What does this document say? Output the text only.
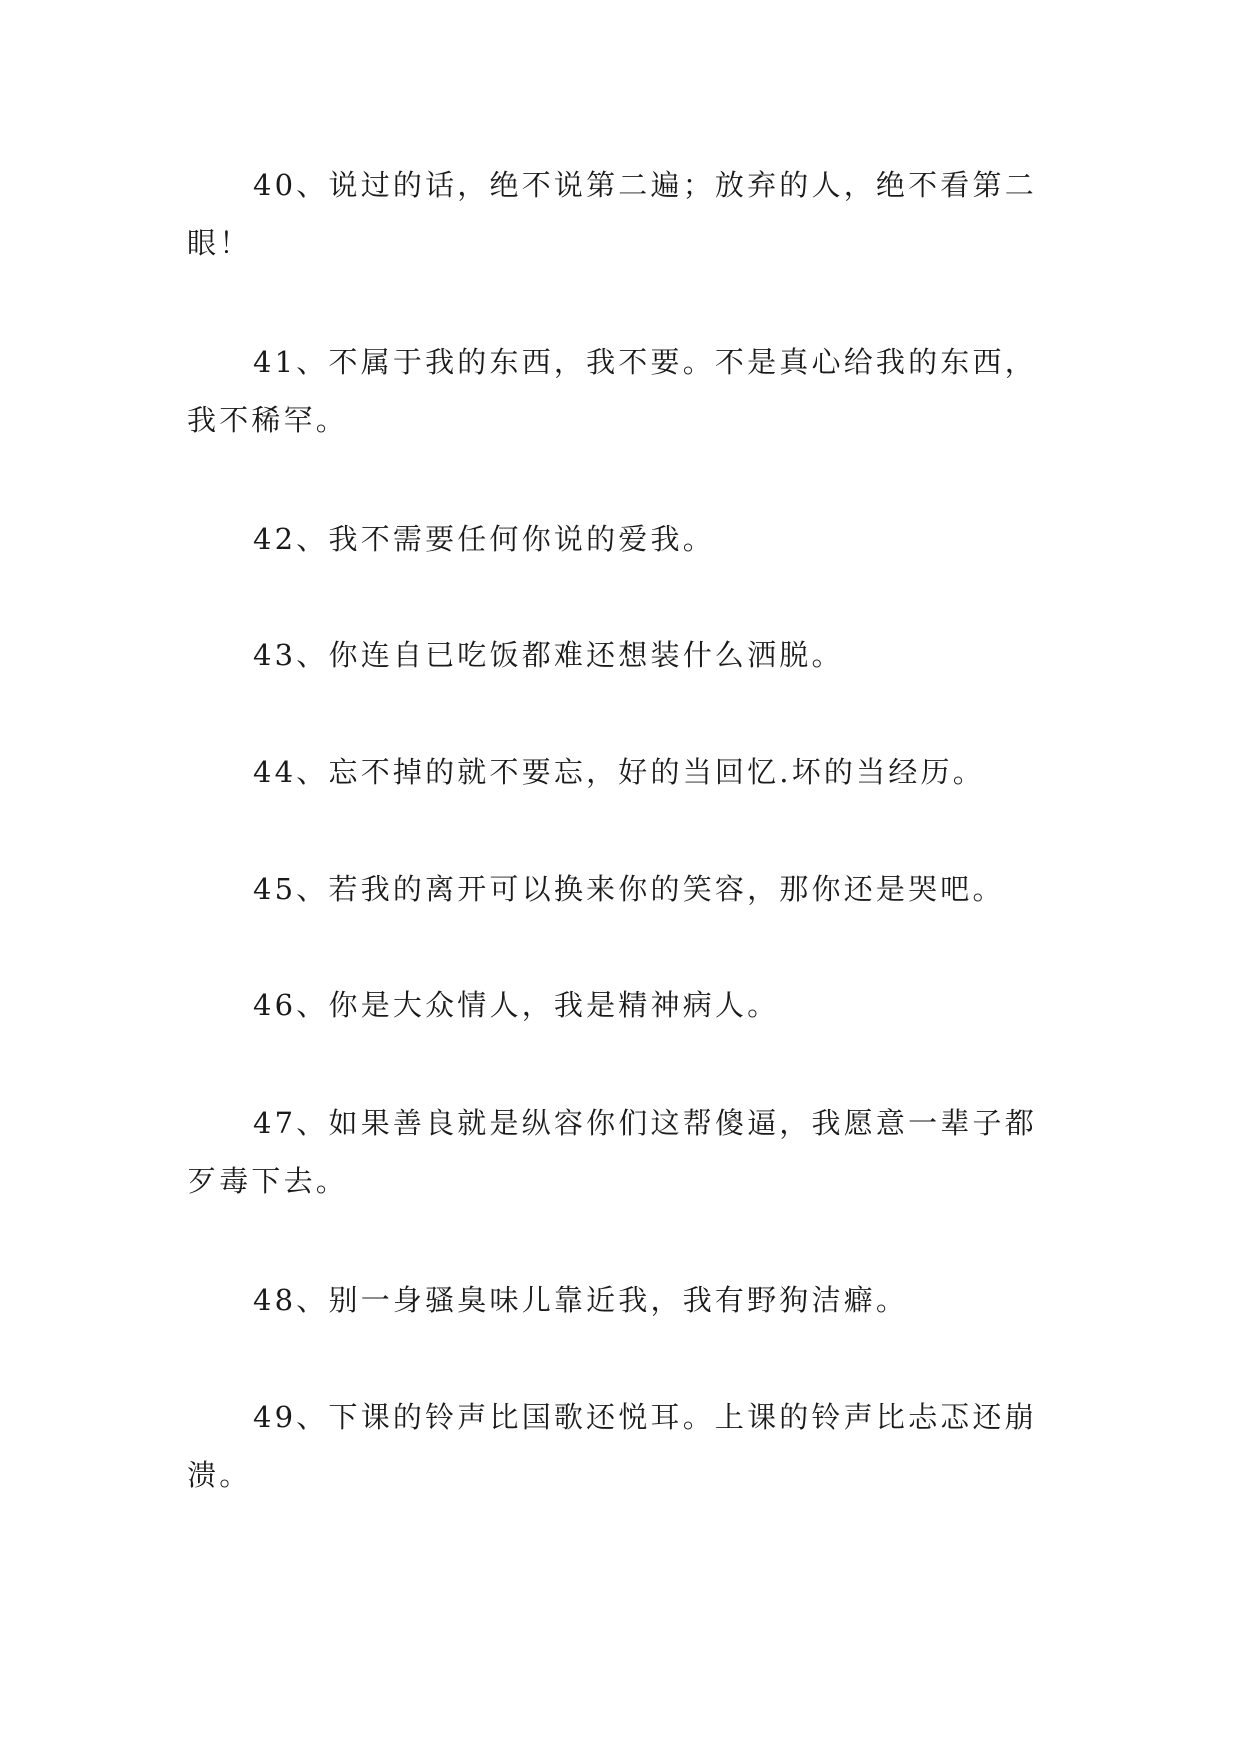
40、说过的话，绝不说第二遍；放弃的人，绝不看第二眼！

41、不属于我的东西，我不要。不是真心给我的东西，我不稀罕。

42、我不需要任何你说的爱我。

43、你连自已吃饭都难还想装什么洒脱。

44、忘不掉的就不要忘，好的当回忆.坏的当经历。

45、若我的离开可以换来你的笑容，那你还是哭吧。

46、你是大众情人，我是精神病人。

47、如果善良就是纵容你们这帮傻逼，我愿意一辈子都歹毒下去。

48、别一身骚臭味儿靠近我，我有野狗洁癖。

49、下课的铃声比国歌还悦耳。上课的铃声比忐忑还崩溃。
